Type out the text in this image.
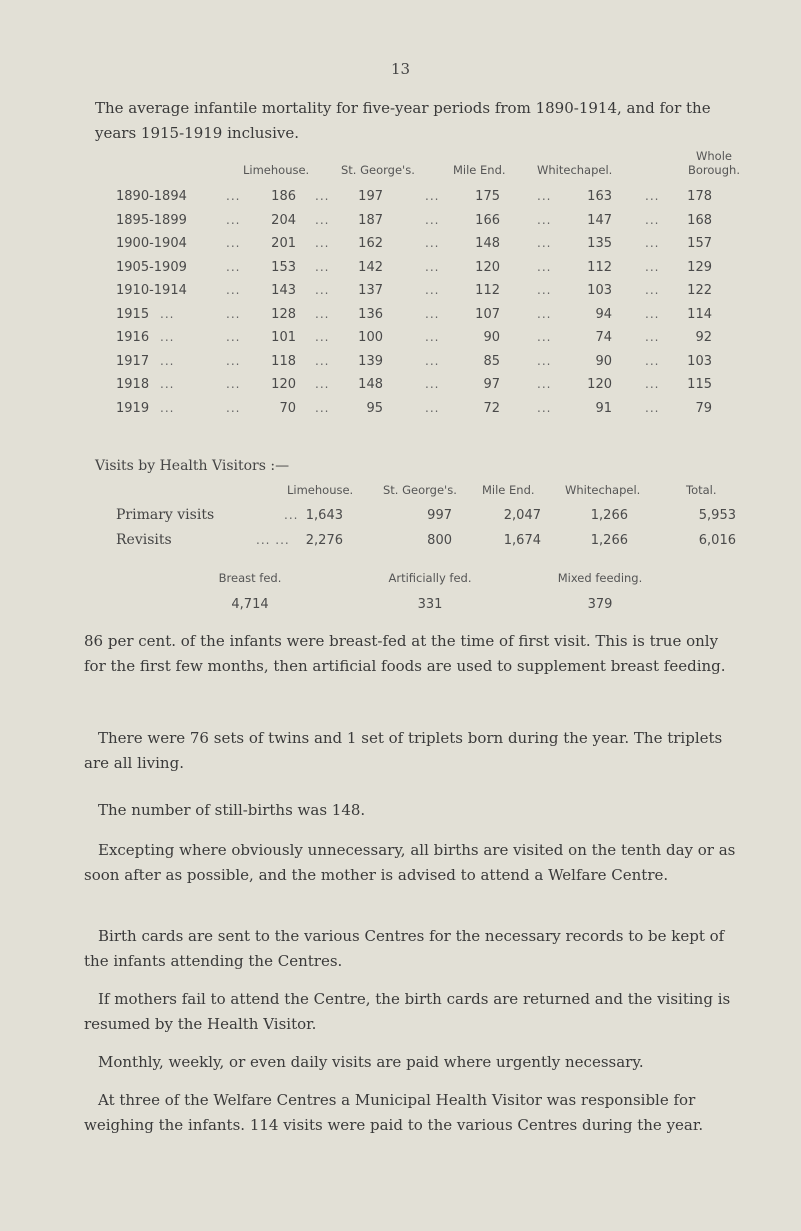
13
The average infantile mortality for five-year periods from 1890-1914, and for the years 1915-1919 inclusive.
Limehouse.	St. George's.	Mile End.	Whitechapel.
Whole
Borough.
1890-1894	...	186 ...	197	...	175	...	163	...	178
1895-1899	...	204 ...	187	...	166	...	147	...	168
1900-1904	...	201 ...	162	...	148	...	135	...	157
1905-1909	...	153 ...	142	...	120	...	112	...	129
1910-1914	...	143 ...	137	...	112	...	103	...	122
1915 ...	...	128 ...	136	...	107	...	94	...	114
1916 ...	...	101 ...	100	...	90	...	74	...	92
1917 ...	...	118 ...	139	...	85	...	90	...	103
1918 ...	...	120 ...	148	...	97	...	120	...	115
1919 ...	...	70 ...	95	...	72	...	91	...	79
Visits by Health Visitors :—
Limehouse.	St. George's. Mile End.	Whitechapel.	Total.
Primary visits	... 1,643	997	2,047	1,266	5,953
Revisits	... ...	2,276	800	1,674	1,266	6,016
Breast fed.	Artificially fed.	Mixed feeding.
4,714	331	379
86 per cent. of the infants were breast-fed at the time of first visit. This is true only for the first few months, then artificial foods are used to supplement breast feeding.
There were 76 sets of twins and 1 set of triplets born during the year. The triplets are all living.
The number of still-births was 148.
Excepting where obviously unnecessary, all births are visited on the tenth day or as soon after as possible, and the mother is advised to attend a Welfare Centre.
Birth cards are sent to the various Centres for the necessary records to be kept of the infants attending the Centres.
If mothers fail to attend the Centre, the birth cards are returned and the visiting is resumed by the Health Visitor.
Monthly, weekly, or even daily visits are paid where urgently necessary.
At three of the Welfare Centres a Municipal Health Visitor was responsible for weighing the infants. 114 visits were paid to the various Centres during the year.
